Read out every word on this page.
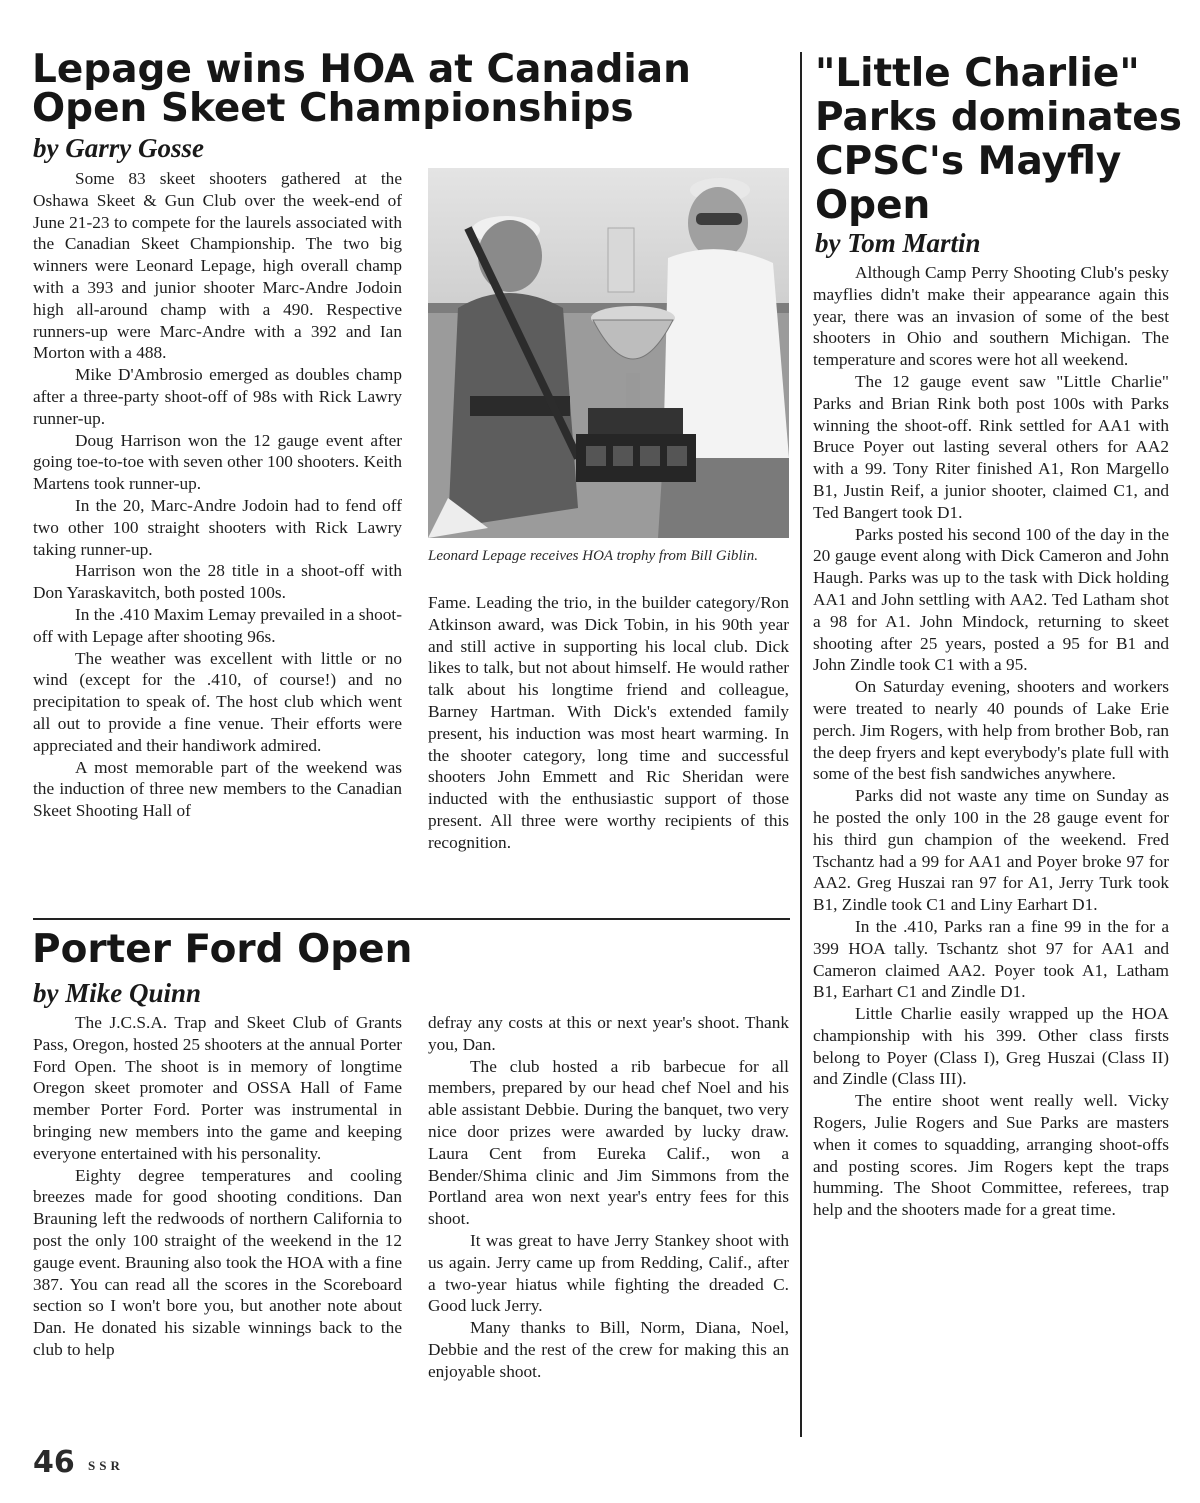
Lepage wins HOA at Canadian
Open Skeet Championships
by Garry Gosse

Some 83 skeet shooters gathered at the Oshawa Skeet & Gun Club over the week-end of June 21-23 to compete for the laurels associated with the Canadian Skeet Championship. The two big winners were Leonard Lepage, high overall champ with a 393 and junior shooter Marc-Andre Jodoin high all-around champ with a 490. Respective runners-up were Marc-Andre with a 392 and Ian Morton with a 488.

Mike D'Ambrosio emerged as doubles champ after a three-party shoot-off of 98s with Rick Lawry runner-up.

Doug Harrison won the 12 gauge event after going toe-to-toe with seven other 100 shooters. Keith Martens took runner-up.

In the 20, Marc-Andre Jodoin had to fend off two other 100 straight shooters with Rick Lawry taking runner-up.

Harrison won the 28 title in a shoot-off with Don Yaraskavitch, both posted 100s.

In the .410 Maxim Lemay prevailed in a shoot-off with Lepage after shooting 96s.

The weather was excellent with little or no wind (except for the .410, of course!) and no precipitation to speak of. The host club which went all out to provide a fine venue. Their efforts were appreciated and their handiwork admired.

A most memorable part of the weekend was the induction of three new members to the Canadian Skeet Shooting Hall of

Leonard Lepage receives HOA trophy from Bill Giblin.

Fame. Leading the trio, in the builder category/Ron Atkinson award, was Dick Tobin, in his 90th year and still active in supporting his local club. Dick likes to talk, but not about himself. He would rather talk about his longtime friend and colleague, Barney Hartman. With Dick's extended family present, his induction was most heart warming. In the shooter category, long time and successful shooters John Emmett and Ric Sheridan were inducted with the enthusiastic support of those present. All three were worthy recipients of this recognition.

Porter Ford Open
by Mike Quinn

The J.C.S.A. Trap and Skeet Club of Grants Pass, Oregon, hosted 25 shooters at the annual Porter Ford Open. The shoot is in memory of longtime Oregon skeet promoter and OSSA Hall of Fame member Porter Ford. Porter was instrumental in bringing new members into the game and keeping everyone entertained with his personality.

Eighty degree temperatures and cooling breezes made for good shooting conditions. Dan Brauning left the redwoods of northern California to post the only 100 straight of the weekend in the 12 gauge event. Brauning also took the HOA with a fine 387. You can read all the scores in the Scoreboard section so I won't bore you, but another note about Dan. He donated his sizable winnings back to the club to help

defray any costs at this or next year's shoot. Thank you, Dan.

The club hosted a rib barbecue for all members, prepared by our head chef Noel and his able assistant Debbie. During the banquet, two very nice door prizes were awarded by lucky draw. Laura Cent from Eureka Calif., won a Bender/Shima clinic and Jim Simmons from the Portland area won next year's entry fees for this shoot.

It was great to have Jerry Stankey shoot with us again. Jerry came up from Redding, Calif., after a two-year hiatus while fighting the dreaded C. Good luck Jerry.

Many thanks to Bill, Norm, Diana, Noel, Debbie and the rest of the crew for making this an enjoyable shoot.

"Little Charlie"
Parks dominates
CPSC's Mayfly
Open
by Tom Martin

Although Camp Perry Shooting Club's pesky mayflies didn't make their appearance again this year, there was an invasion of some of the best shooters in Ohio and southern Michigan. The temperature and scores were hot all weekend.

The 12 gauge event saw "Little Charlie" Parks and Brian Rink both post 100s with Parks winning the shoot-off. Rink settled for AA1 with Bruce Poyer out lasting several others for AA2 with a 99. Tony Riter finished A1, Ron Margello B1, Justin Reif, a junior shooter, claimed C1, and Ted Bangert took D1.

Parks posted his second 100 of the day in the 20 gauge event along with Dick Cameron and John Haugh. Parks was up to the task with Dick holding AA1 and John settling with AA2. Ted Latham shot a 98 for A1. John Mindock, returning to skeet shooting after 25 years, posted a 95 for B1 and John Zindle took C1 with a 95.

On Saturday evening, shooters and workers were treated to nearly 40 pounds of Lake Erie perch. Jim Rogers, with help from brother Bob, ran the deep fryers and kept everybody's plate full with some of the best fish sandwiches anywhere.

Parks did not waste any time on Sunday as he posted the only 100 in the 28 gauge event for his third gun champion of the weekend. Fred Tschantz had a 99 for AA1 and Poyer broke 97 for AA2. Greg Huszai ran 97 for A1, Jerry Turk took B1, Zindle took C1 and Liny Earhart D1.

In the .410, Parks ran a fine 99 in the for a 399 HOA tally. Tschantz shot 97 for AA1 and Cameron claimed AA2. Poyer took A1, Latham B1, Earhart C1 and Zindle D1.

Little Charlie easily wrapped up the HOA championship with his 399. Other class firsts belong to Poyer (Class I), Greg Huszai (Class II) and Zindle (Class III).

The entire shoot went really well. Vicky Rogers, Julie Rogers and Sue Parks are masters when it comes to squadding, arranging shoot-offs and posting scores. Jim Rogers kept the traps humming. The Shoot Committee, referees, trap help and the shooters made for a great time.

46 SSR
